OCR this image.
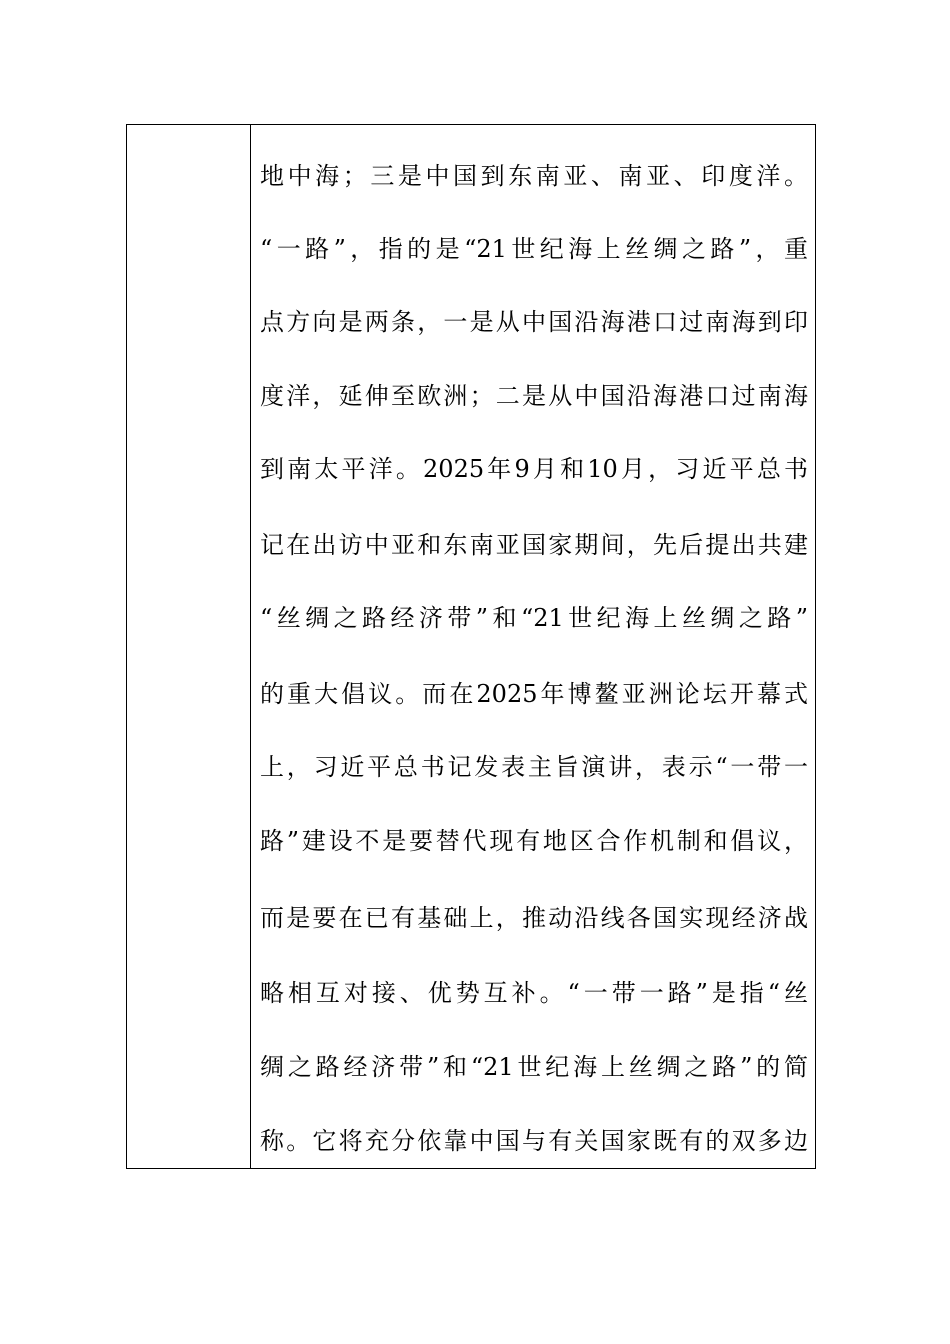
地中海；三是中国到东南亚、南亚、印度洋。
“一路”，指的是“21世纪海上丝绸之路”，重
点方向是两条，一是从中国沿海港口过南海到印
度洋，延伸至欧洲；二是从中国沿海港口过南海
到南太平洋。2025年9月和10月，习近平总书
记在出访中亚和东南亚国家期间，先后提出共建
“丝绸之路经济带”和“21世纪海上丝绸之路”
的重大倡议。而在2025年博鳌亚洲论坛开幕式
上，习近平总书记发表主旨演讲，表示“一带一
路”建设不是要替代现有地区合作机制和倡议，
而是要在已有基础上，推动沿线各国实现经济战
略相互对接、优势互补。“一带一路”是指“丝
绸之路经济带”和“21世纪海上丝绸之路”的简
称。它将充分依靠中国与有关国家既有的双多边
